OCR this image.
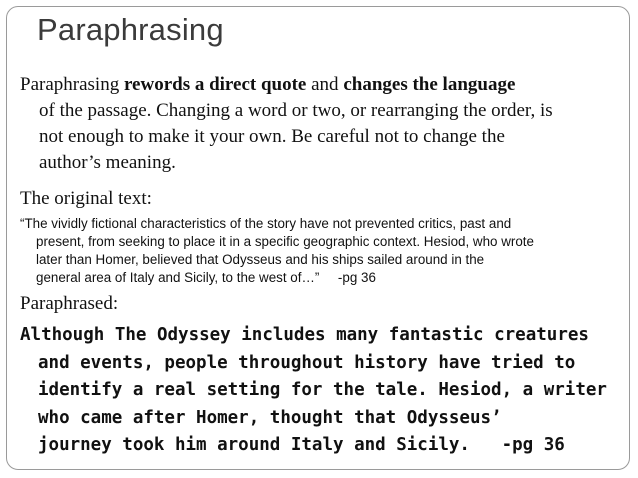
Paraphrasing
Paraphrasing rewords a direct quote and changes the language
of the passage. Changing a word or two, or rearranging the order, is
not enough to make it your own. Be careful not to change the
author’s meaning.
The original text:
“The vividly fictional characteristics of the story have not prevented critics, past and
present, from seeking to place it in a specific geographic context. Hesiod, who wrote
later than Homer, believed that Odysseus and his ships sailed around in the
general area of Italy and Sicily, to the west of…”     -pg 36
Paraphrased:
Although The Odyssey includes many fantastic creatures
and events, people throughout history have tried to
identify a real setting for the tale. Hesiod, a writer
who came after Homer, thought that Odysseus’
journey took him around Italy and Sicily.   -pg 36
